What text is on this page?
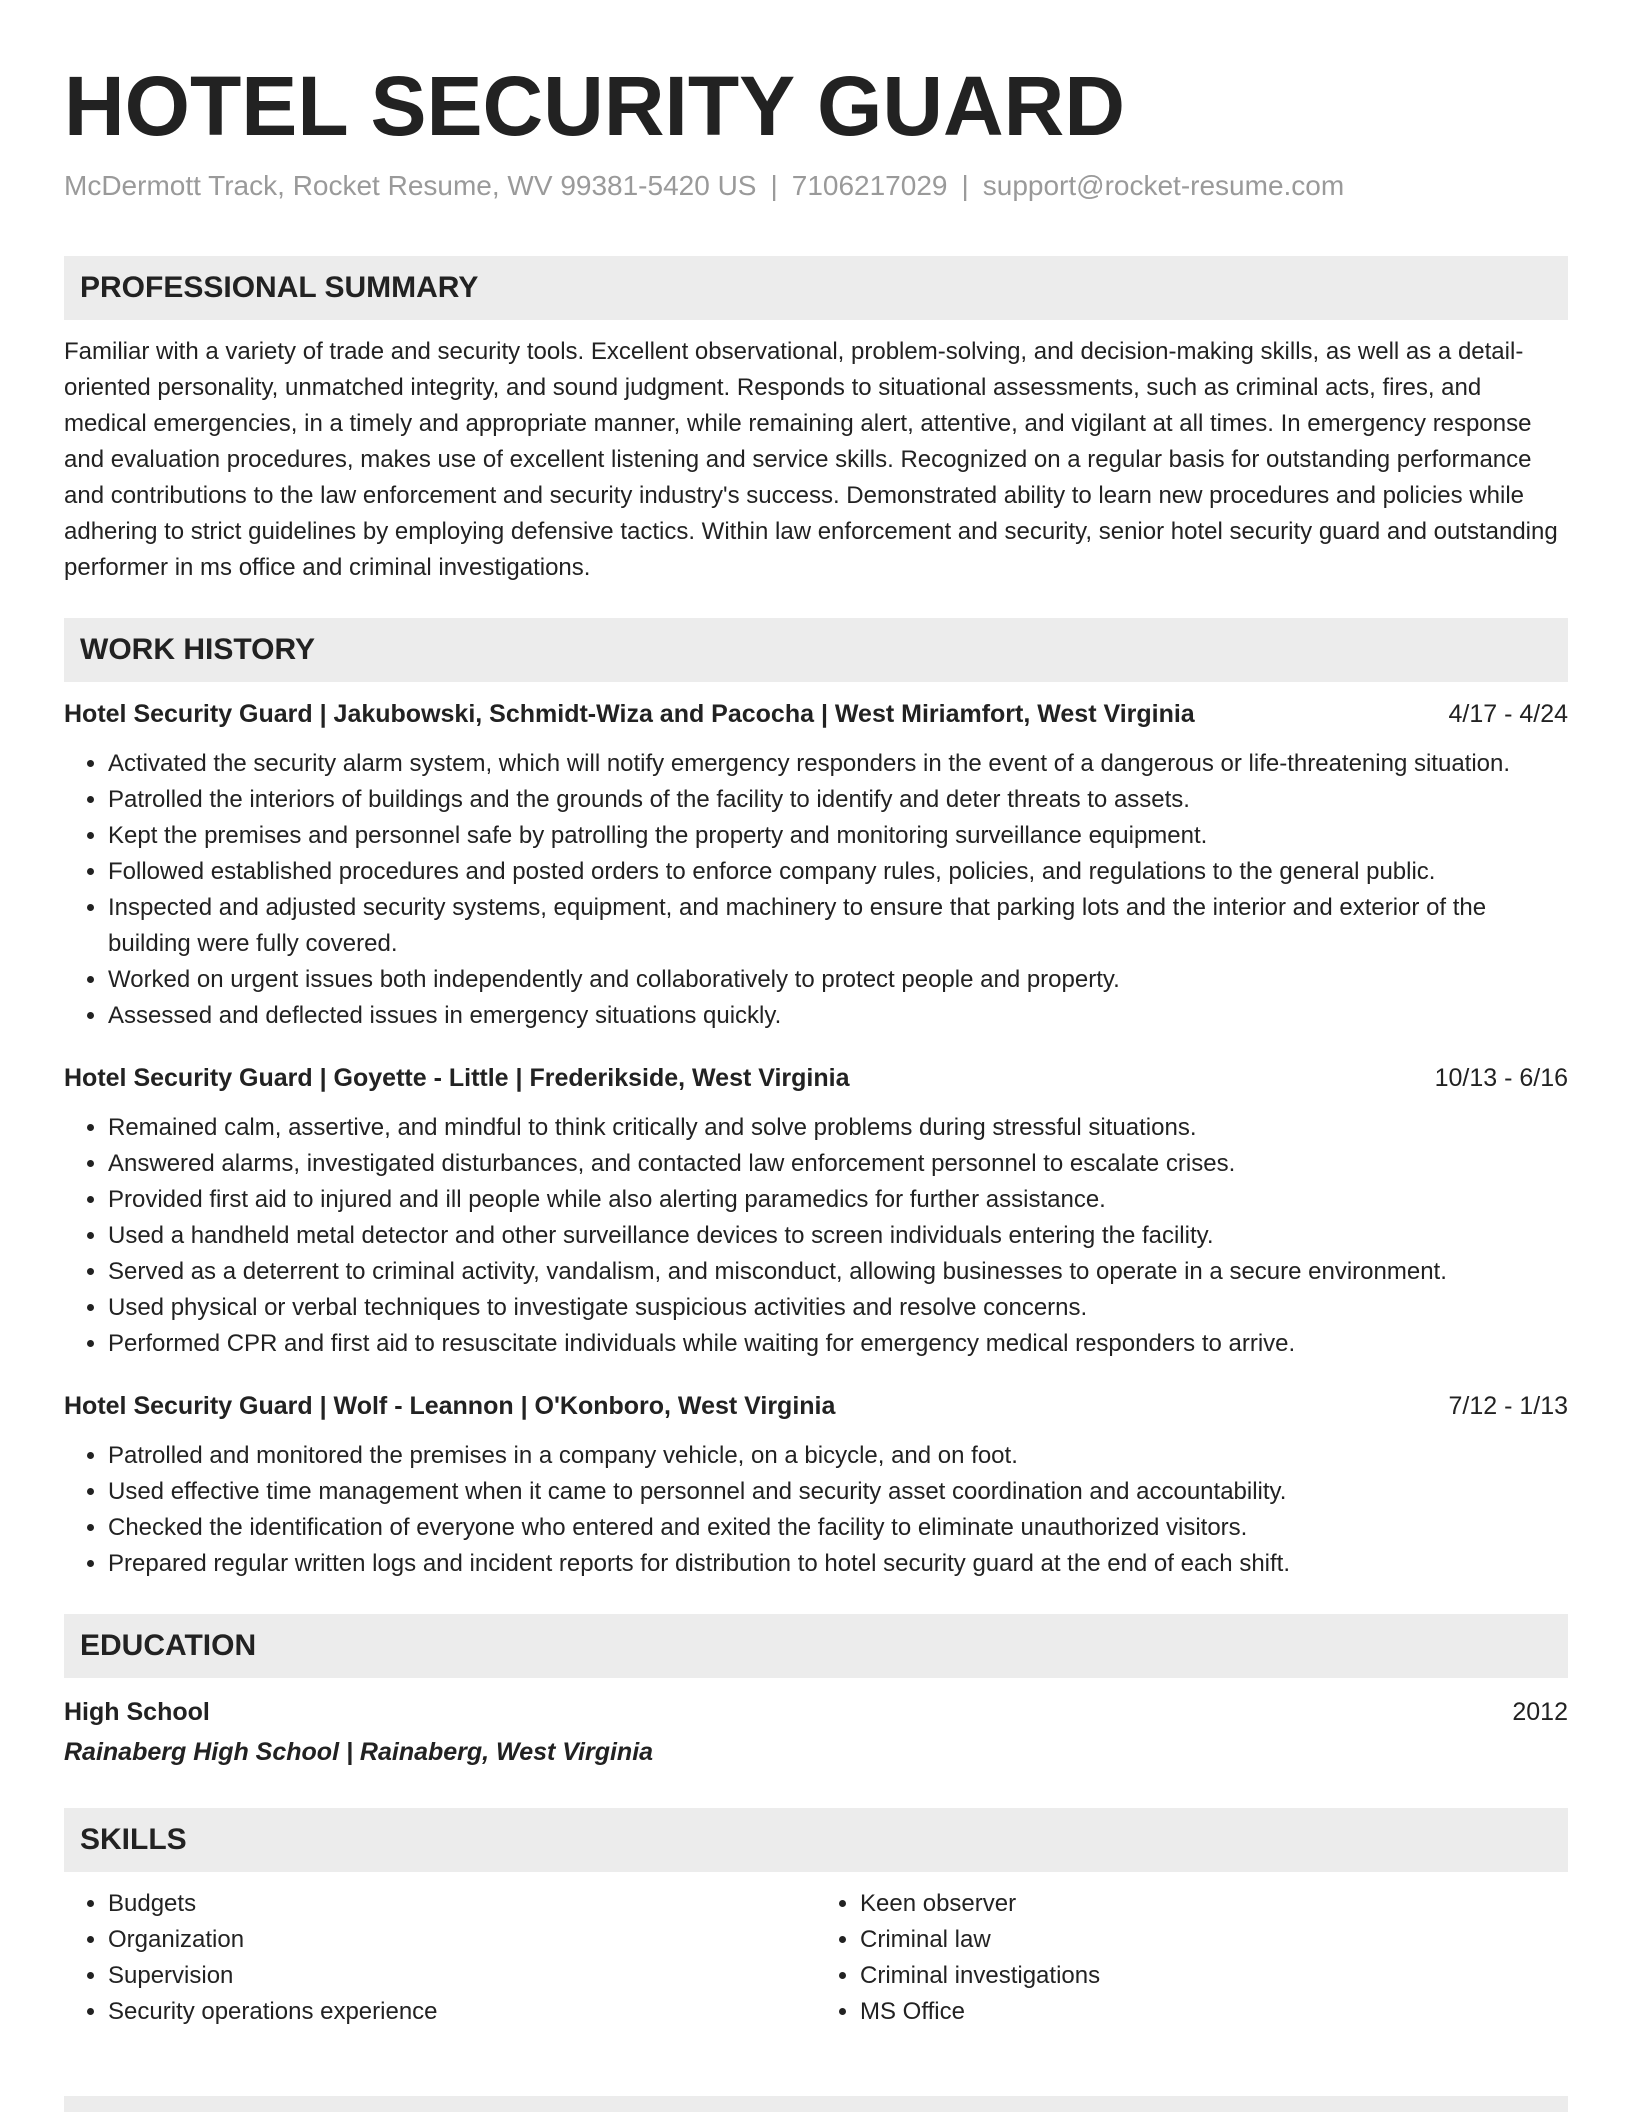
HOTEL SECURITY GUARD
McDermott Track, Rocket Resume, WV 99381-5420 US | 7106217029 | support@rocket-resume.com
PROFESSIONAL SUMMARY
Familiar with a variety of trade and security tools. Excellent observational, problem-solving, and decision-making skills, as well as a detail-oriented personality, unmatched integrity, and sound judgment. Responds to situational assessments, such as criminal acts, fires, and medical emergencies, in a timely and appropriate manner, while remaining alert, attentive, and vigilant at all times. In emergency response and evaluation procedures, makes use of excellent listening and service skills. Recognized on a regular basis for outstanding performance and contributions to the law enforcement and security industry's success. Demonstrated ability to learn new procedures and policies while adhering to strict guidelines by employing defensive tactics. Within law enforcement and security, senior hotel security guard and outstanding performer in ms office and criminal investigations.
WORK HISTORY
Hotel Security Guard | Jakubowski, Schmidt-Wiza and Pacocha | West Miriamfort, West Virginia	4/17 - 4/24
• Activated the security alarm system, which will notify emergency responders in the event of a dangerous or life-threatening situation.
• Patrolled the interiors of buildings and the grounds of the facility to identify and deter threats to assets.
• Kept the premises and personnel safe by patrolling the property and monitoring surveillance equipment.
• Followed established procedures and posted orders to enforce company rules, policies, and regulations to the general public.
• Inspected and adjusted security systems, equipment, and machinery to ensure that parking lots and the interior and exterior of the building were fully covered.
• Worked on urgent issues both independently and collaboratively to protect people and property.
• Assessed and deflected issues in emergency situations quickly.
Hotel Security Guard | Goyette - Little | Frederikside, West Virginia	10/13 - 6/16
• Remained calm, assertive, and mindful to think critically and solve problems during stressful situations.
• Answered alarms, investigated disturbances, and contacted law enforcement personnel to escalate crises.
• Provided first aid to injured and ill people while also alerting paramedics for further assistance.
• Used a handheld metal detector and other surveillance devices to screen individuals entering the facility.
• Served as a deterrent to criminal activity, vandalism, and misconduct, allowing businesses to operate in a secure environment.
• Used physical or verbal techniques to investigate suspicious activities and resolve concerns.
• Performed CPR and first aid to resuscitate individuals while waiting for emergency medical responders to arrive.
Hotel Security Guard | Wolf - Leannon | O'Konboro, West Virginia	7/12 - 1/13
• Patrolled and monitored the premises in a company vehicle, on a bicycle, and on foot.
• Used effective time management when it came to personnel and security asset coordination and accountability.
• Checked the identification of everyone who entered and exited the facility to eliminate unauthorized visitors.
• Prepared regular written logs and incident reports for distribution to hotel security guard at the end of each shift.
EDUCATION
High School	2012
Rainaberg High School | Rainaberg, West Virginia
SKILLS
• Budgets
• Organization
• Supervision
• Security operations experience
• Keen observer
• Criminal law
• Criminal investigations
• MS Office
